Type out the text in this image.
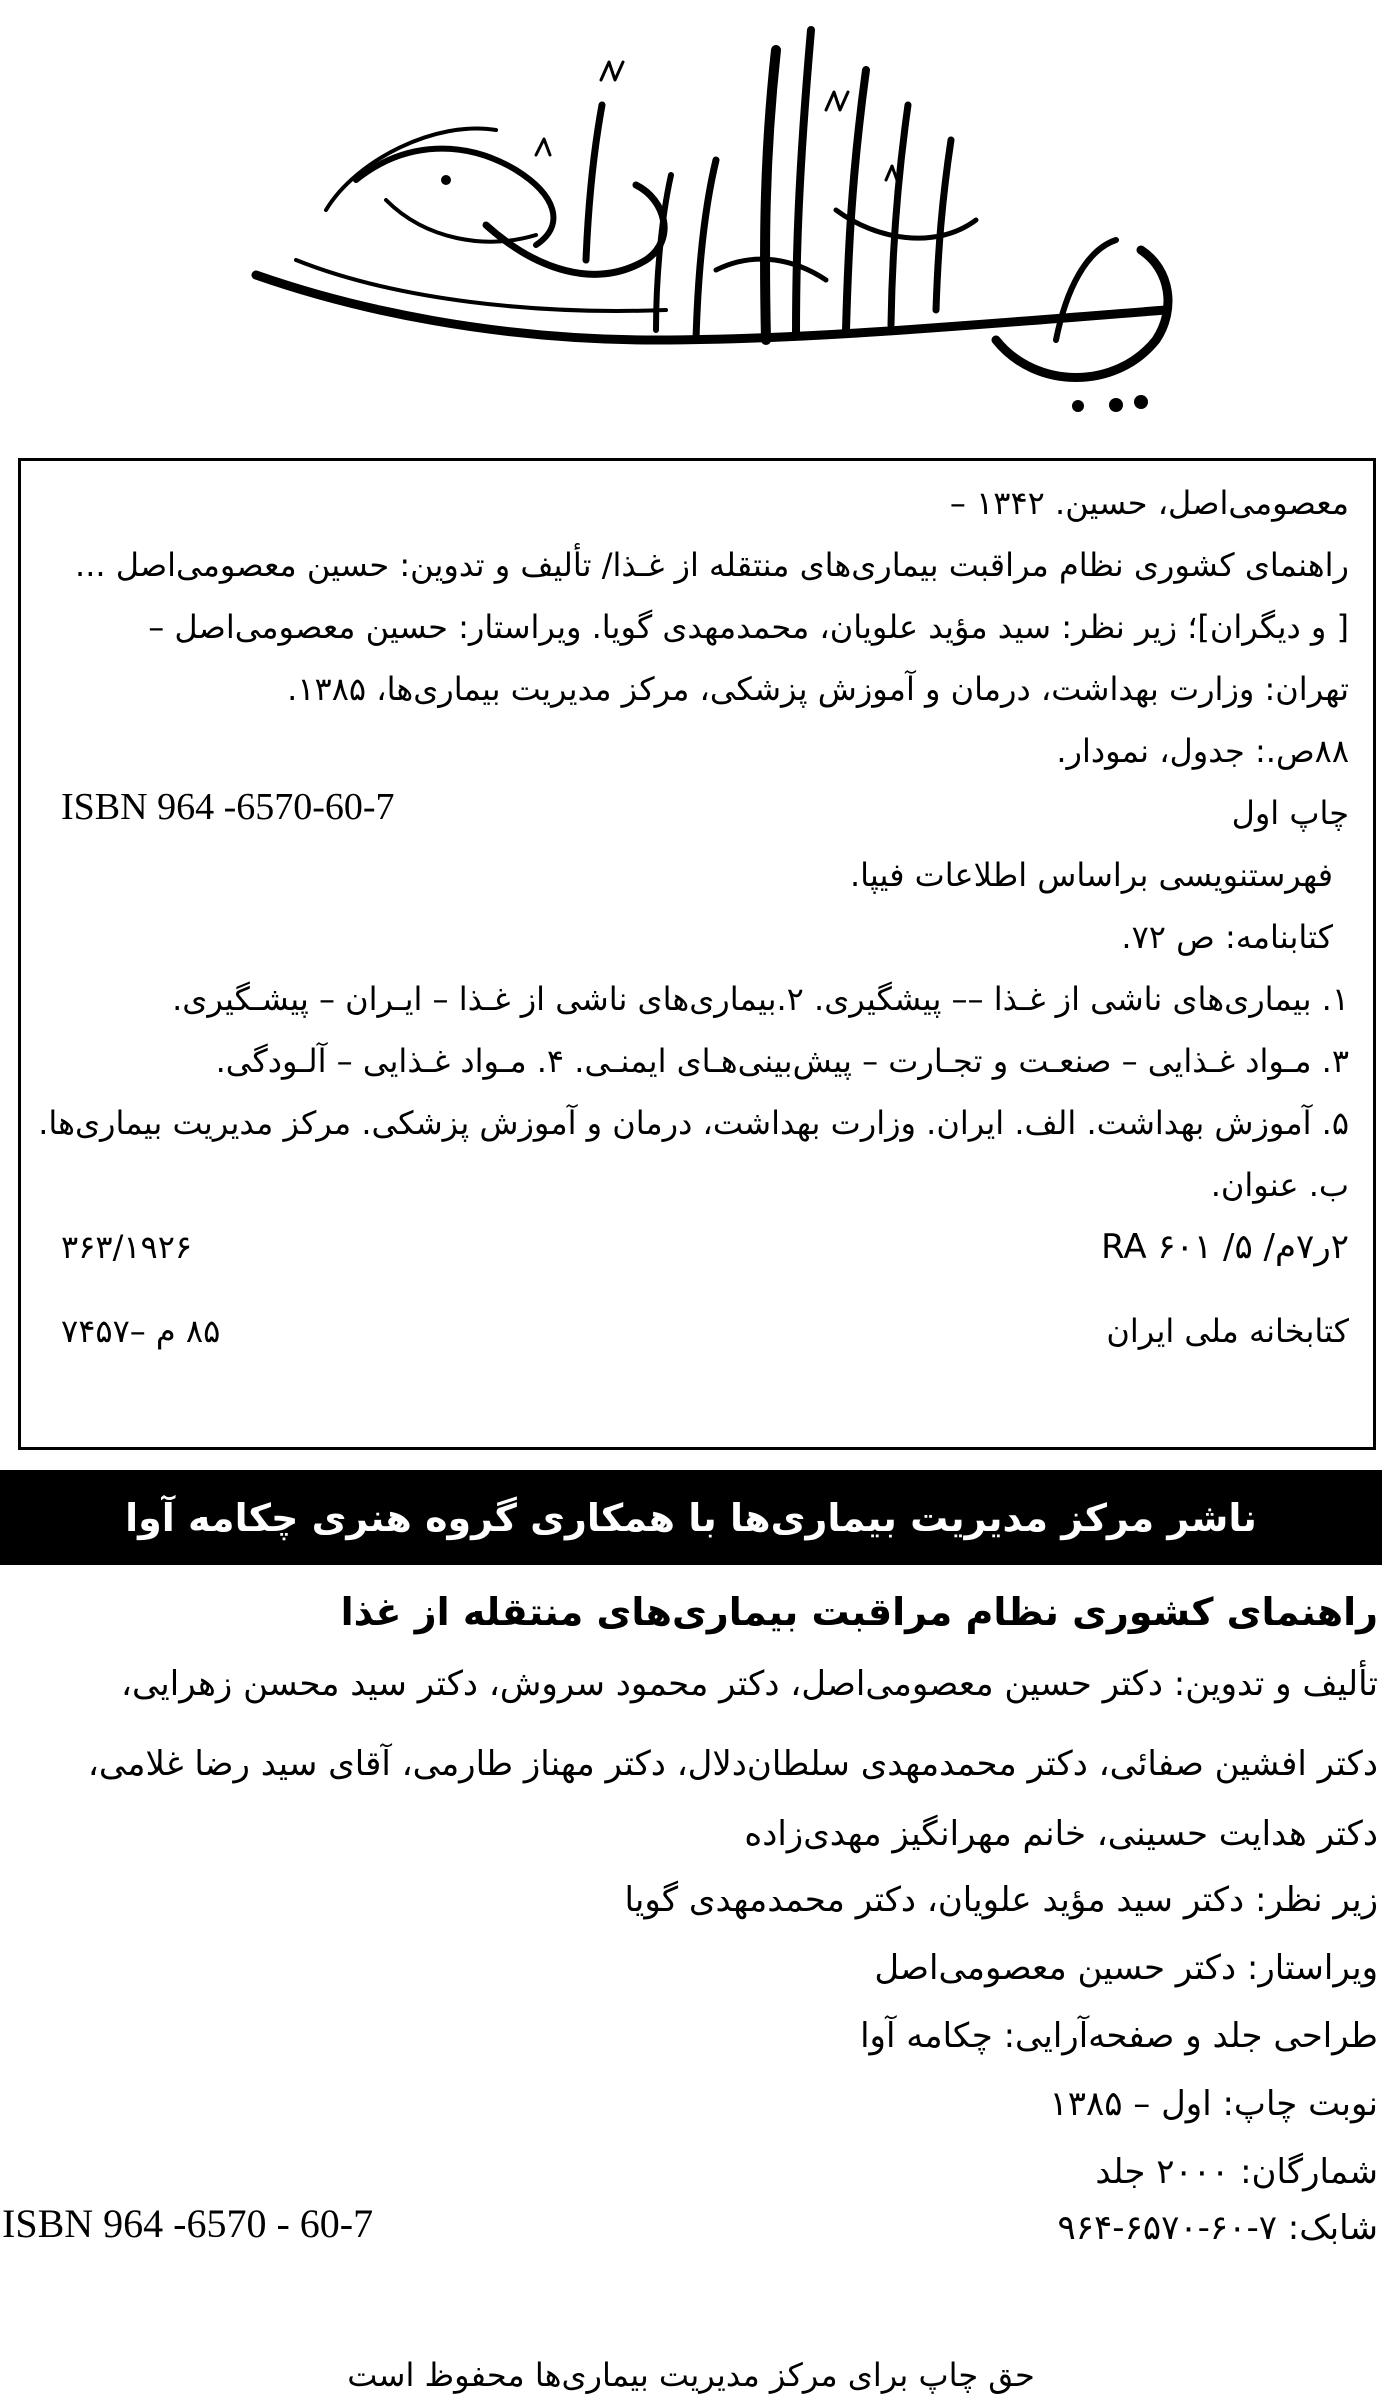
معصومی‌اصل، حسین. ۱۳۴۲ –
راهنمای کشوری نظام مراقبت بیماری‌های منتقله از غـذا/ تألیف و تدوین: حسین معصومی‌اصل ...
[ و دیگران]؛ زیر نظر: سید مؤید علویان، محمدمهدی گویا. ویراستار: حسین معصومی‌اصل –
تهران: وزارت بهداشت، درمان و آموزش پزشکی، مرکز مدیریت بیماری‌ها، ۱۳۸۵.
۸۸ص.: جدول، نمودار.
چاپ اول
ISBN 964 -6570-60-7
فهرستنویسی براساس اطلاعات فیپا.
کتابنامه: ص ۷۲.
۱. بیماری‌های ناشی از غـذا –– پیشگیری. ۲.بیماری‌های ناشی از غـذا – ایـران – پیشـگیری.
۳. مـواد غـذایی – صنعـت و تجـارت – پیش‌بینی‌هـای ایمنـی. ۴. مـواد غـذایی – آلـودگی.
۵. آموزش بهداشت. الف. ایران. وزارت بهداشت، درمان و آموزش پزشکی. مرکز مدیریت بیماری‌ها.
ب. عنوان.
۲ر۷م/ RA ۶۰۱ /۵
۳۶۳/۱۹۲۶
کتابخانه ملی ایران
۸۵ م –۷۴۵۷
ناشر مرکز مدیریت بیماری‌ها با همکاری گروه هنری چکامه آوا
راهنمای کشوری نظام مراقبت بیماری‌های منتقله از غذا
تألیف و تدوین: دکتر حسین معصومی‌اصل، دکتر محمود سروش، دکتر سید محسن زهرایی،
دکتر افشین صفائی، دکتر محمدمهدی سلطان‌دلال، دکتر مهناز طارمی، آقای سید رضا غلامی،
دکتر هدایت حسینی، خانم مهرانگیز مهدی‌زاده
زیر نظر: دکتر سید مؤید علویان، دکتر محمدمهدی گویا
ویراستار: دکتر حسین معصومی‌اصل
طراحی جلد و صفحه‌آرایی: چکامه آوا
نوبت چاپ: اول – ۱۳۸۵
شمارگان: ۲۰۰۰ جلد
شابک: ۷-۶۰-۶۵۷۰-۹۶۴
ISBN 964 -6570 - 60-7
حق چاپ برای مرکز مدیریت بیماری‌ها محفوظ است
